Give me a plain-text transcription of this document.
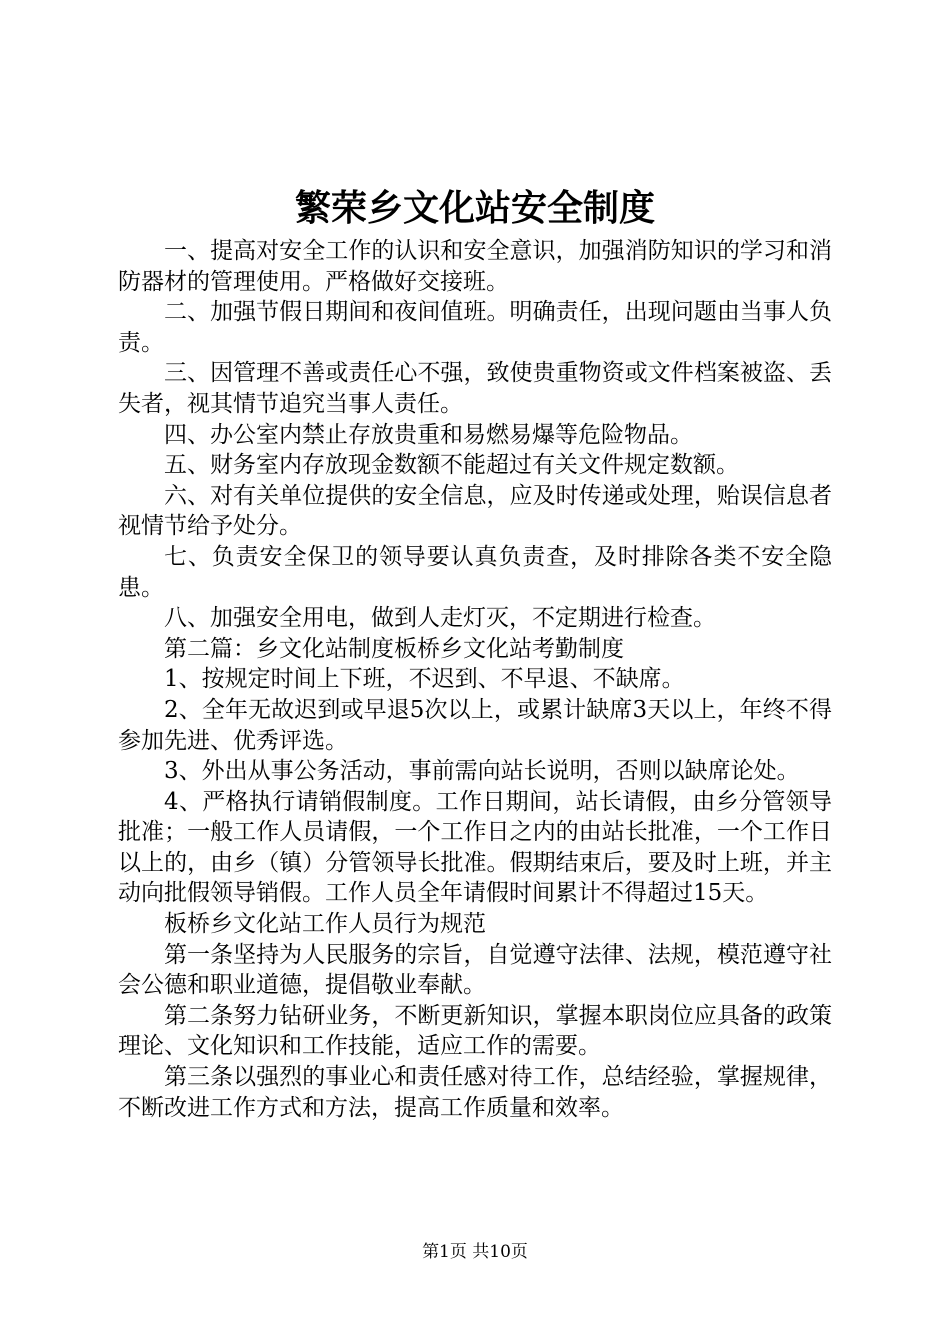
繁荣乡文化站安全制度

一、提高对安全工作的认识和安全意识，加强消防知识的学习和消防器材的管理使用。严格做好交接班。

二、加强节假日期间和夜间值班。明确责任，出现问题由当事人负责。

三、因管理不善或责任心不强，致使贵重物资或文件档案被盗、丢失者，视其情节追究当事人责任。

四、办公室内禁止存放贵重和易燃易爆等危险物品。

五、财务室内存放现金数额不能超过有关文件规定数额。

六、对有关单位提供的安全信息，应及时传递或处理，贻误信息者视情节给予处分。

七、负责安全保卫的领导要认真负责查，及时排除各类不安全隐患。

八、加强安全用电，做到人走灯灭，不定期进行检查。

第二篇：乡文化站制度板桥乡文化站考勤制度

1、按规定时间上下班，不迟到、不早退、不缺席。

2、全年无故迟到或早退5次以上，或累计缺席3天以上，年终不得参加先进、优秀评选。

3、外出从事公务活动，事前需向站长说明，否则以缺席论处。

4、严格执行请销假制度。工作日期间，站长请假，由乡分管领导批准；一般工作人员请假，一个工作日之内的由站长批准，一个工作日以上的，由乡（镇）分管领导长批准。假期结束后，要及时上班，并主动向批假领导销假。工作人员全年请假时间累计不得超过15天。

板桥乡文化站工作人员行为规范

第一条坚持为人民服务的宗旨，自觉遵守法律、法规，模范遵守社会公德和职业道德，提倡敬业奉献。

第二条努力钻研业务，不断更新知识，掌握本职岗位应具备的政策理论、文化知识和工作技能，适应工作的需要。

第三条以强烈的事业心和责任感对待工作，总结经验，掌握规律，不断改进工作方式和方法，提高工作质量和效率。

第1页 共10页
